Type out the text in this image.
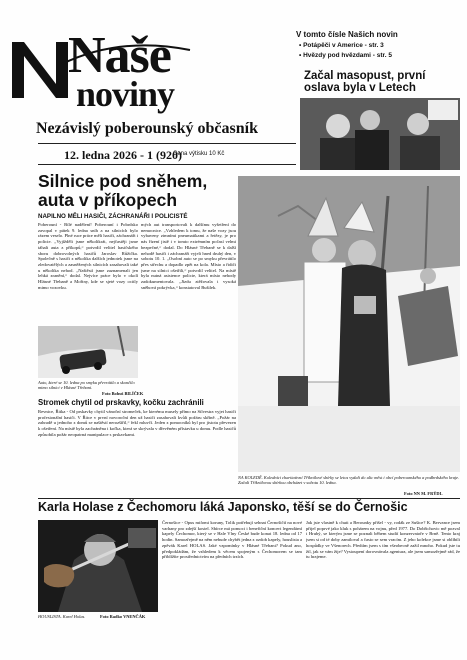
Naše
noviny
Nezávislý poberounský občasník
12. ledna 2026 - 1 (920)
Cena výtisku 10 Kč
V tomto čísle Našich novin
• Potápěči v Americe - str. 3
• Hvězdy pod hvězdami - str. 5
Začal masopust, první oslava byla v Letech
Silnice pod sněhem, auta v příkopech
NAPILNO MĚLI HASIČI, ZÁCHRANÁŘI I POLICISTÉ
Poberouní - Bílé nadělení! Poberouní i Pobrdsko zavopal v pátek 9. ledna sníh a na silnicích bylo rázem veselo. Plné ruce práce měli hasiči, záchranáři i policie. „Vyjížděli jsme několikrát, nejčastěji jsme táhali auta z příkopů,“ potvrdil velitel hasičského sboru dobrovolných hasičů Jaroslav Růžička. Společně s hasiči z několika dalších jednotek jsme na zledovatělých a zasněžených silnicích zasahovali také u několika nehod. „Naštěstí jsme zaznamenali jen lehká zranění,“ dodal. Nejvíce práce bylo v okolí Hlásné Třebaně a Mořiny, kde se sjeté vozy ocitly mimo vozovku.
mých aut transportovali k dalšímu vyšetření do nemocnice. „Vzhledem k tomu, že naše vozy jsou vybaveny zimními pneumatikami a řetězy, je pro nás řízení jistě i v tomto extrémním počasí velmi bezpečné,“ dodal. Do Hlásné Třebaně se k další nehodě hasiči i záchranáři vyjeli hned druhý den, v sobotu 10. 1. „Osobní auto se po smyku převrátilo přes střechu a dopadlo zpět na kola. Místo a řidiči jsme na silnici ošetřili,“ potvrdil velitel. Na místě byla nutná asistence policie, která místo nehody zadokumentovala. „Jízdu ztěžovala i vysoká sněhová pokrývka,“ konstatoval Bušilek.
Auto, které se 10. ledna po smyku převrátilo a skončilo mimo silnici v Hlásné Třebani.
Foto Bohuš BILÍČEK
NA KOLEDĚ. Koledníci charitativní Tříkrálové sbírky se letos vydali do ulic měst i obcí poberounského a podbrdského kraje. Začali Tříkrálovou sbírkou obcházet v sobotu 10. ledna.
Foto NN M. FRÝDL
Stromek chytil od prskavky, kočku zachránili
Revnice, Řitka - Od prskavky chytil vánoční stromeček, ke kterému musely přímo na Silvestra vyjet hasiči profesionální hasiči. V Řitce v první novoroční den už hasiči zasahovali kvůli požáru skříně. „Požár na zahradě u jednoho z domů se naštěstí nerozšířil,“ řekl mluvčí. Jeden z pomocníků byl pro jistotu převezen k ošetření. Na místě byla zachráněna i kočka, která se skrývala v dřevěném přístavku u domu. Podle hasičů způsobila požár neopatrná manipulace s prskavkami.
Karla Holase z Čechomoru láká Japonsko, těší se do Černošic
HOUSLISTA. Karel Holas.	Foto Radko VNENČÁK
Černošice - Opus mifomi koruny, Tolik potřebují sehnat Černošičtí na nové varhany pro zdejší kostel. Sbírce má pomoci i benefiční koncert legendární kapely Čechomor, který se v Hale Vlny České bude konat 18. ledna od 17 hodin. Samozřejmě na něm nebude chybět jedna z ozdob kapely, houslista a zpěvák Karel HOLAS. Jaké vzpomínky v Hlásné Třebani? Pokud ano, předpokládám, že vzhledem k věcem spojeným s Čechomorem se tam přiblížíte prostřednictvím na předních trzích.
Jak jste vlastně k chuti a Berounky přišel - vy, rodák ze Sušice? K. Bervance jsem přijel poprvé jako kluk s pohárem na vojnu, před 1977. Do Dobřichovic mě pozval i Hrubý, se kterým jsme se poznali během studií konzervatoře v Brně. Tento kraj jsem si od té doby zamiloval a často se sem vracím. Z jeho kolekce jsme si oblíbili hospůdky ve Všenorech. Předtím jsem s tím všeobecně zažil mnoho. Pokud jste tu žil, jak se vám žije? Vystoupení dorovnávala agentura, ale jsem samozřejmě rád, že tu hrajeme.
